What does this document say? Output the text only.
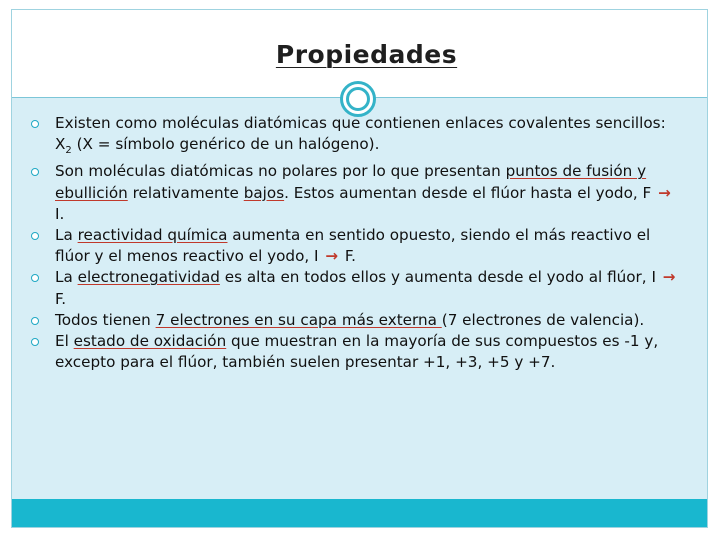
Propiedades
Existen como moléculas diatómicas que contienen enlaces covalentes sencillos: $X_2$ (X = símbolo genérico de un halógeno).
Son moléculas diatómicas no polares por lo que presentan puntos de fusión y ebullición relativamente bajos. Estos aumentan desde el flúor hasta el yodo, F → I.
La reactividad química aumenta en sentido opuesto, siendo el más reactivo el flúor y el menos reactivo el yodo, I → F.
La electronegatividad es alta en todos ellos y aumenta desde el yodo al flúor, I → F.
Todos tienen 7 electrones en su capa más externa (7 electrones de valencia).
El estado de oxidación que muestran en la mayoría de sus compuestos es -1 y, excepto para el flúor, también suelen presentar +1, +3, +5 y +7.
